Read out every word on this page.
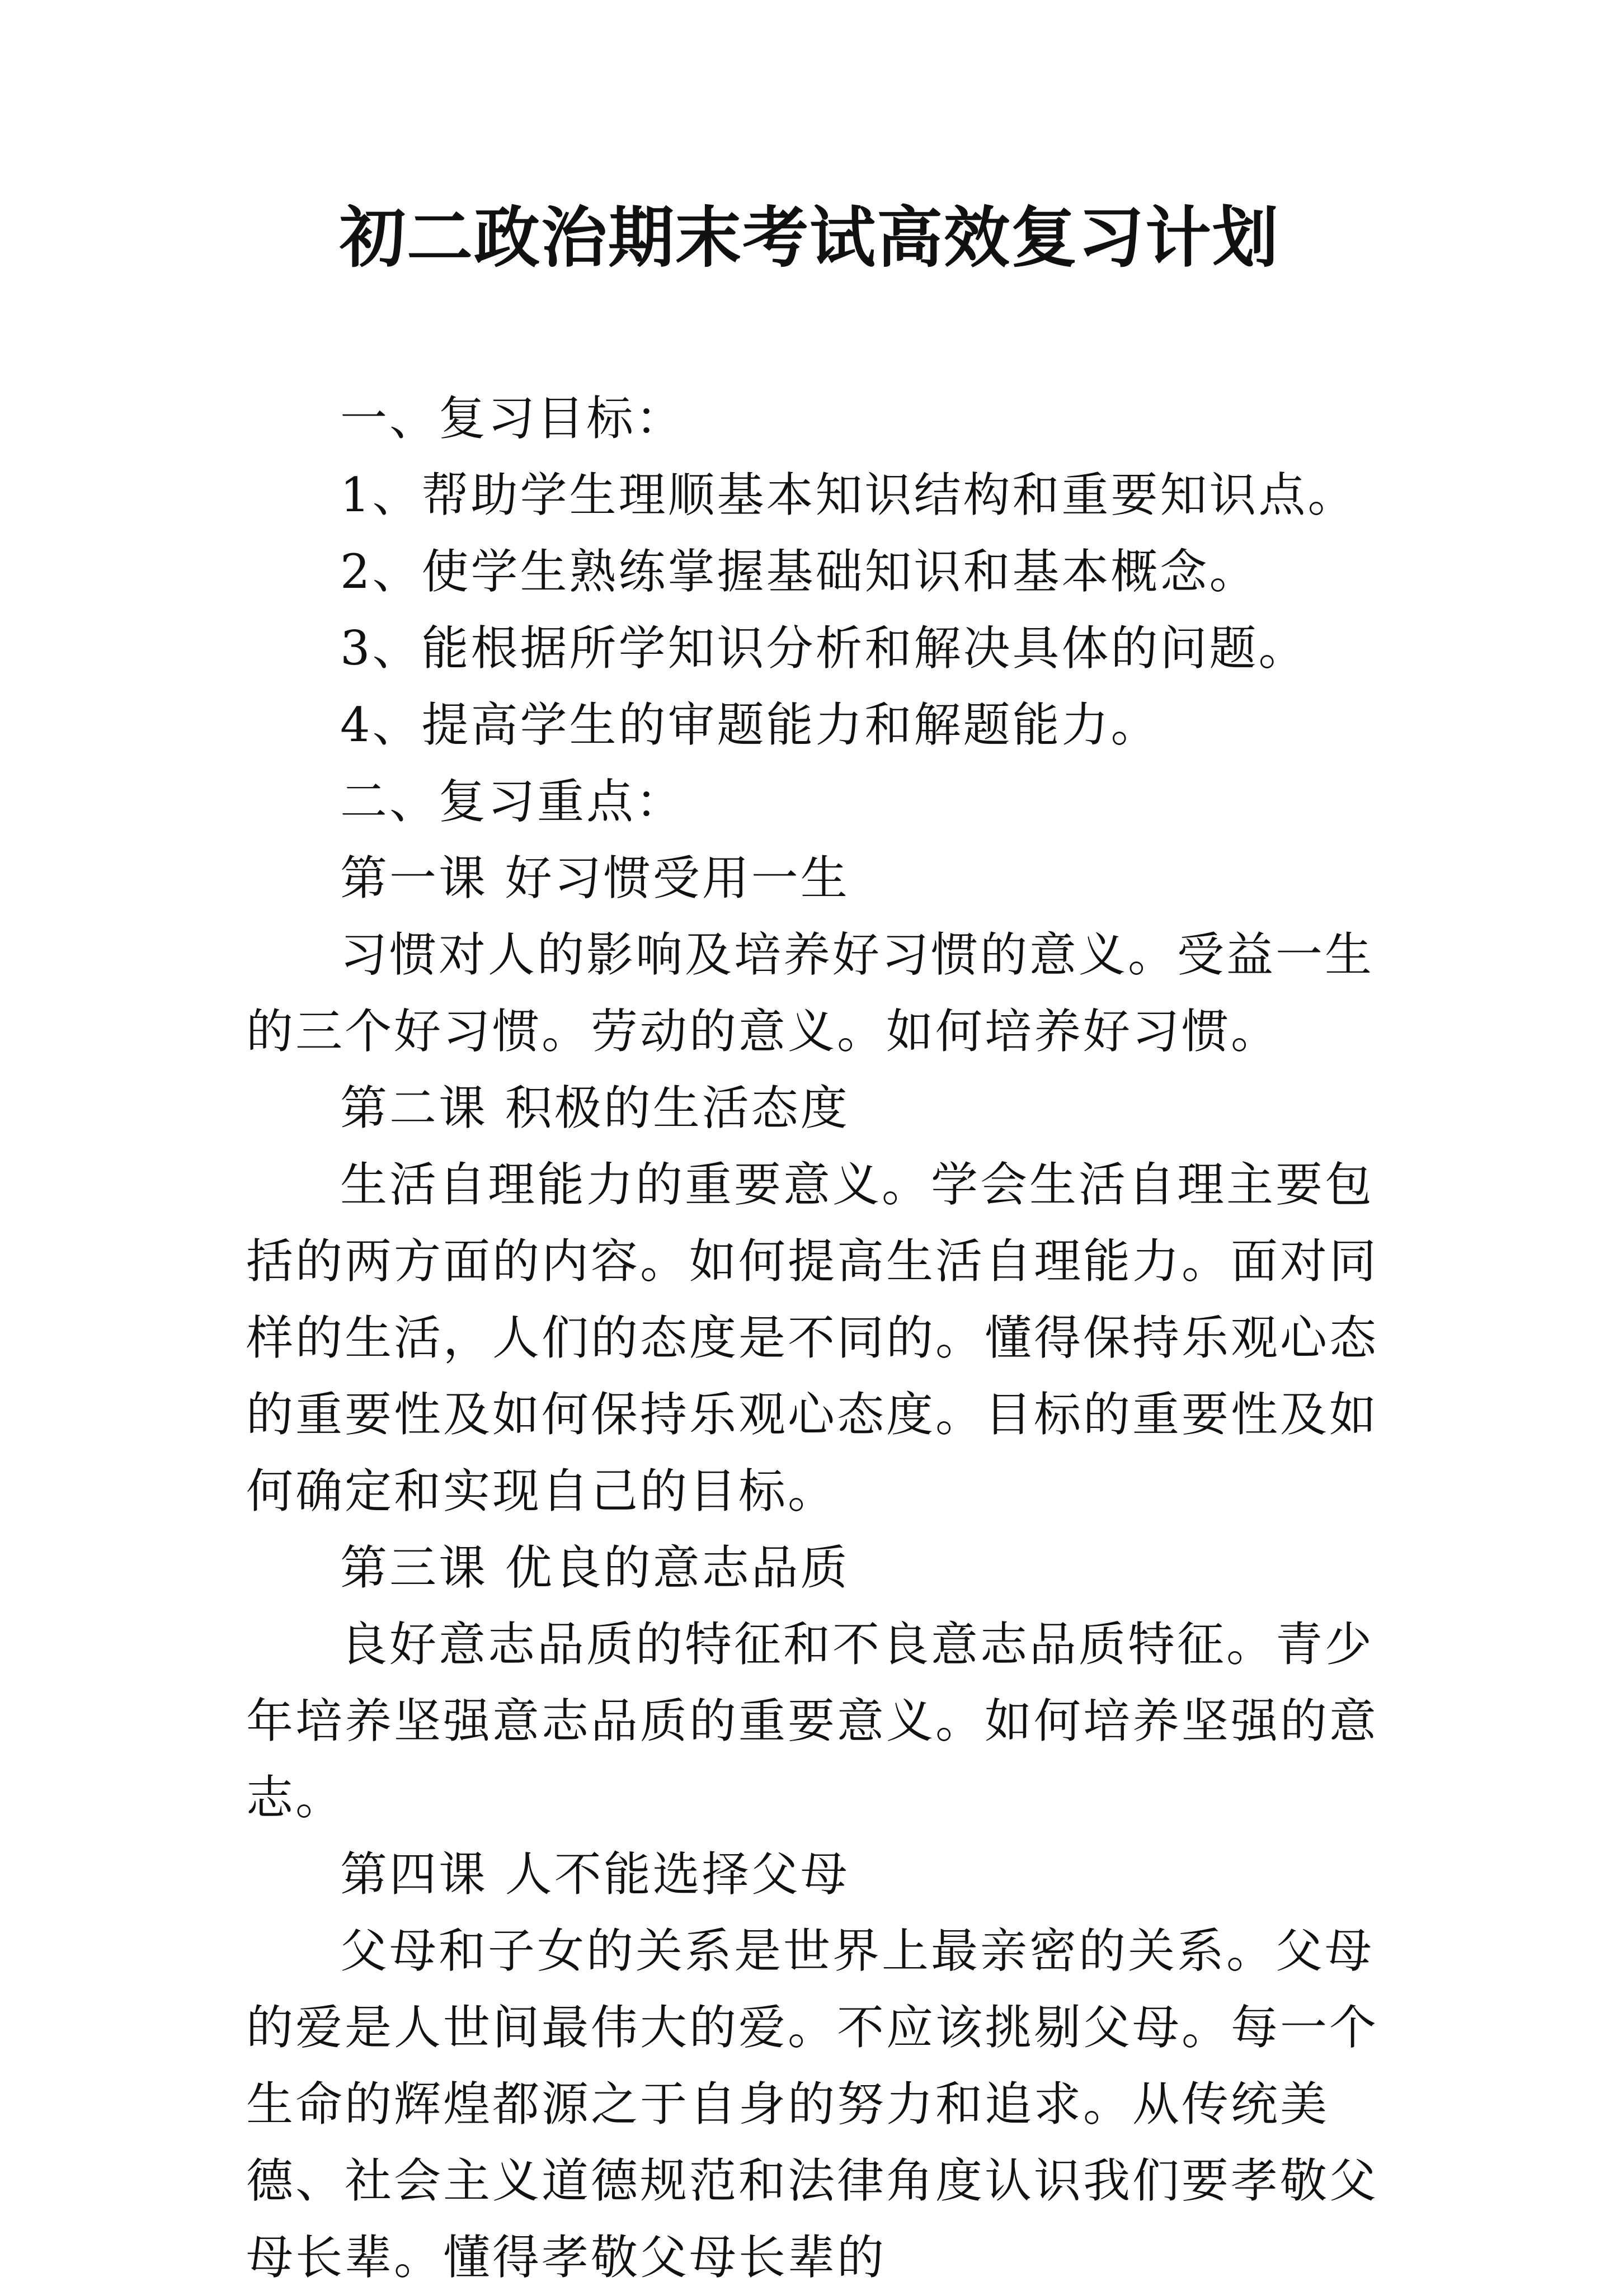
初二政治期末考试高效复习计划

一、复习目标：

1、帮助学生理顺基本知识结构和重要知识点。

2、使学生熟练掌握基础知识和基本概念。

3、能根据所学知识分析和解决具体的问题。

4、提高学生的审题能力和解题能力。

二、复习重点：

第一课 好习惯受用一生

习惯对人的影响及培养好习惯的意义。受益一生的三个好习惯。劳动的意义。如何培养好习惯。

第二课 积极的生活态度

生活自理能力的重要意义。学会生活自理主要包括的两方面的内容。如何提高生活自理能力。面对同样的生活，人们的态度是不同的。懂得保持乐观心态的重要性及如何保持乐观心态度。目标的重要性及如何确定和实现自己的目标。

第三课 优良的意志品质

良好意志品质的特征和不良意志品质特征。青少年培养坚强意志品质的重要意义。如何培养坚强的意志。

第四课 人不能选择父母

父母和子女的关系是世界上最亲密的关系。父母的爱是人世间最伟大的爱。不应该挑剔父母。每一个生命的辉煌都源之于自身的努力和追求。从传统美德、社会主义道德规范和法律角度认识我们要孝敬父母长辈。懂得孝敬父母长辈的
